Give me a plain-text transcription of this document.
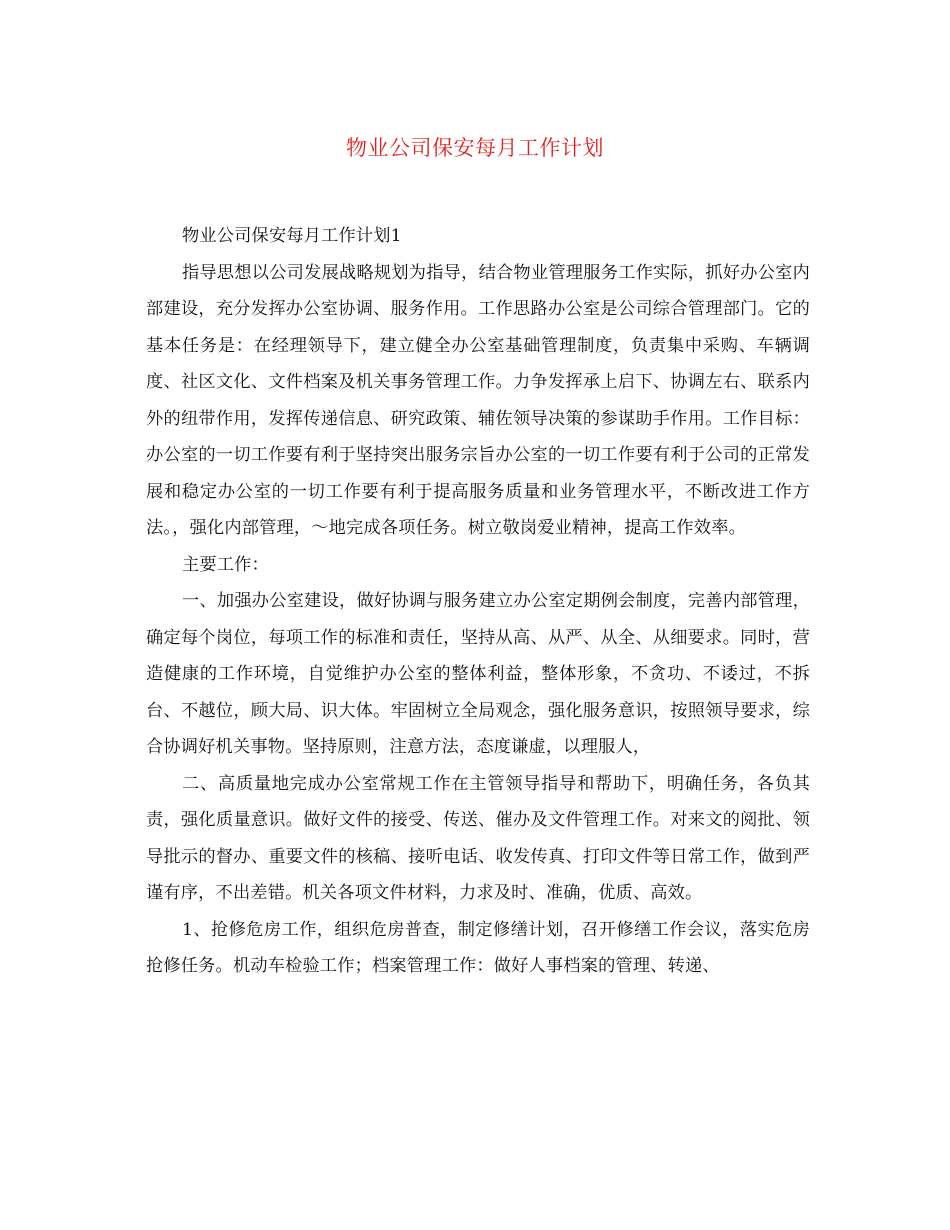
物业公司保安每月工作计划

物业公司保安每月工作计划1

指导思想以公司发展战略规划为指导，结合物业管理服务工作实际，抓好办公室内部建设，充分发挥办公室协调、服务作用。工作思路办公室是公司综合管理部门。它的基本任务是：在经理领导下，建立健全办公室基础管理制度，负责集中采购、车辆调度、社区文化、文件档案及机关事务管理工作。力争发挥承上启下、协调左右、联系内外的纽带作用，发挥传递信息、研究政策、辅佐领导决策的参谋助手作用。工作目标：办公室的一切工作要有利于坚持突出服务宗旨办公室的一切工作要有利于公司的正常发展和稳定办公室的一切工作要有利于提高服务质量和业务管理水平，不断改进工作方法。，强化内部管理，～地完成各项任务。树立敬岗爱业精神，提高工作效率。

主要工作：

一、加强办公室建设，做好协调与服务建立办公室定期例会制度，完善内部管理，确定每个岗位，每项工作的标准和责任，坚持从高、从严、从全、从细要求。同时，营造健康的工作环境，自觉维护办公室的整体利益，整体形象，不贪功、不诿过，不拆台、不越位，顾大局、识大体。牢固树立全局观念，强化服务意识，按照领导要求，综合协调好机关事物。坚持原则，注意方法，态度谦虚，以理服人，

二、高质量地完成办公室常规工作在主管领导指导和帮助下，明确任务，各负其责，强化质量意识。做好文件的接受、传送、催办及文件管理工作。对来文的阅批、领导批示的督办、重要文件的核稿、接听电话、收发传真、打印文件等日常工作，做到严谨有序，不出差错。机关各项文件材料，力求及时、准确，优质、高效。

1、抢修危房工作，组织危房普查，制定修缮计划，召开修缮工作会议，落实危房抢修任务。机动车检验工作；档案管理工作：做好人事档案的管理、转递、
